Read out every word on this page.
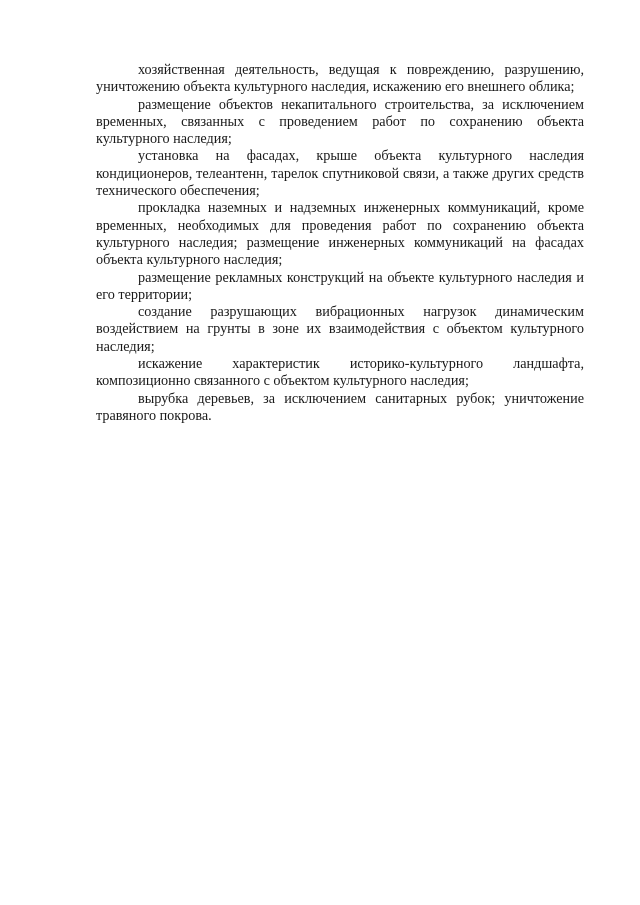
хозяйственная деятельность, ведущая к повреждению, разрушению, уничтожению объекта культурного наследия, искажению его внешнего облика;

размещение объектов некапитального строительства, за исключением временных, связанных с проведением работ по сохранению объекта культурного наследия;

установка на фасадах, крыше объекта культурного наследия кондиционеров, телеантенн, тарелок спутниковой связи, а также других средств технического обеспечения;

прокладка наземных и надземных инженерных коммуникаций, кроме временных, необходимых для проведения работ по сохранению объекта культурного наследия; размещение инженерных коммуникаций на фасадах объекта культурного наследия;

размещение рекламных конструкций на объекте культурного наследия и его территории;

создание разрушающих вибрационных нагрузок динамическим воздействием на грунты в зоне их взаимодействия с объектом культурного наследия;

искажение характеристик историко-культурного ландшафта, композиционно связанного с объектом культурного наследия;

вырубка деревьев, за исключением санитарных рубок; уничтожение травяного покрова.
